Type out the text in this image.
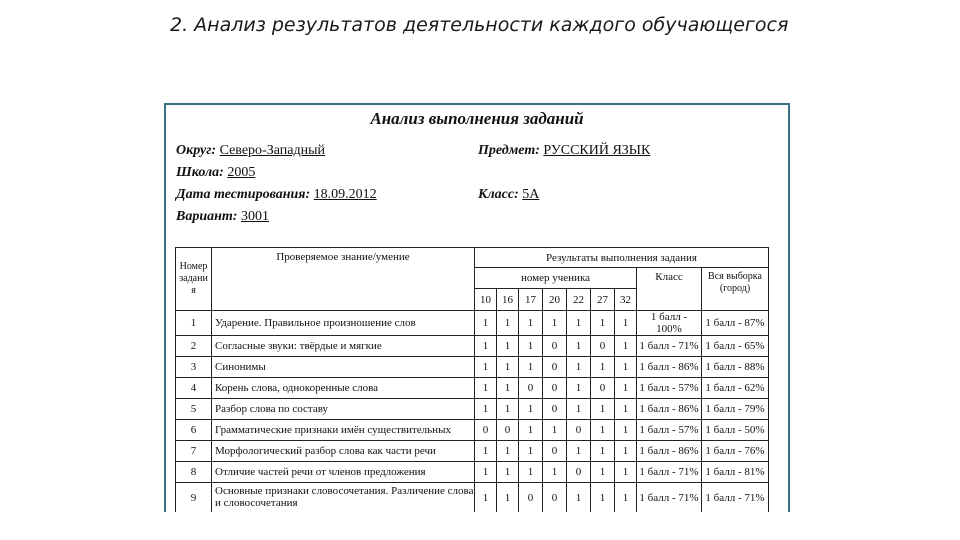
2. Анализ результатов деятельности каждого обучающегося
Анализ выполнения заданий
Округ: Северо-Западный
Школа: 2005
Дата тестирования: 18.09.2012
Вариант: 3001
Предмет: РУССКИЙ ЯЗЫК
Класс: 5А
Номер задани я	Проверяемое знание/умение	Результаты выполнения задания								
		номер ученика							Класс	Вся выборка (город)
		10	16	17	20	22	27	32		
1	Ударение. Правильное произношение слов	1	1	1	1	1	1	1	1 балл - 100%	1 балл - 87%
2	Согласные звуки: твёрдые и мягкие	1	1	1	0	1	0	1	1 балл - 71%	1 балл - 65%
3	Синонимы	1	1	1	0	1	1	1	1 балл - 86%	1 балл - 88%
4	Корень слова, однокоренные слова	1	1	0	0	1	0	1	1 балл - 57%	1 балл - 62%
5	Разбор слова по составу	1	1	1	0	1	1	1	1 балл - 86%	1 балл - 79%
6	Грамматические признаки имён существительных	0	0	1	1	0	1	1	1 балл - 57%	1 балл - 50%
7	Морфологический разбор слова как части речи	1	1	1	0	1	1	1	1 балл - 86%	1 балл - 76%
8	Отличие частей речи от членов предложения	1	1	1	1	0	1	1	1 балл - 71%	1 балл - 81%
9	Основные признаки словосочетания. Различение слова и словосочетания	1	1	0	0	1	1	1	1 балл - 71%	1 балл - 71%
